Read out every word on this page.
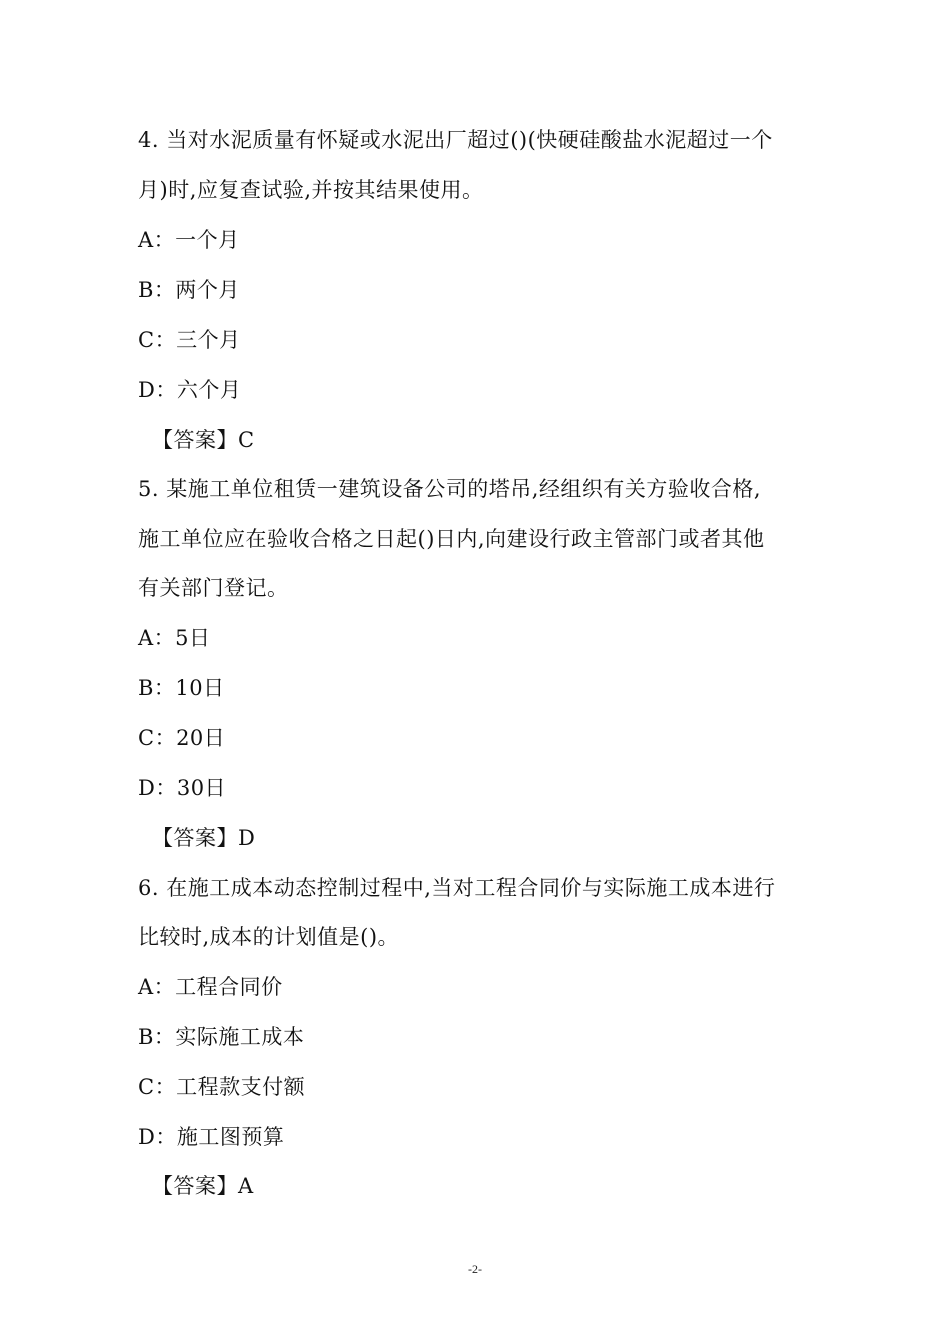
4. 当对水泥质量有怀疑或水泥出厂超过()(快硬硅酸盐水泥超过一个
月)时,应复查试验,并按其结果使用。
A：一个月
B：两个月
C：三个月
D：六个月
【答案】C
5. 某施工单位租赁一建筑设备公司的塔吊,经组织有关方验收合格,
施工单位应在验收合格之日起()日内,向建设行政主管部门或者其他
有关部门登记。
A：5日
B：10日
C：20日
D：30日
【答案】D
6. 在施工成本动态控制过程中,当对工程合同价与实际施工成本进行
比较时,成本的计划值是()。
A：工程合同价
B：实际施工成本
C：工程款支付额
D：施工图预算
【答案】A
-2-
